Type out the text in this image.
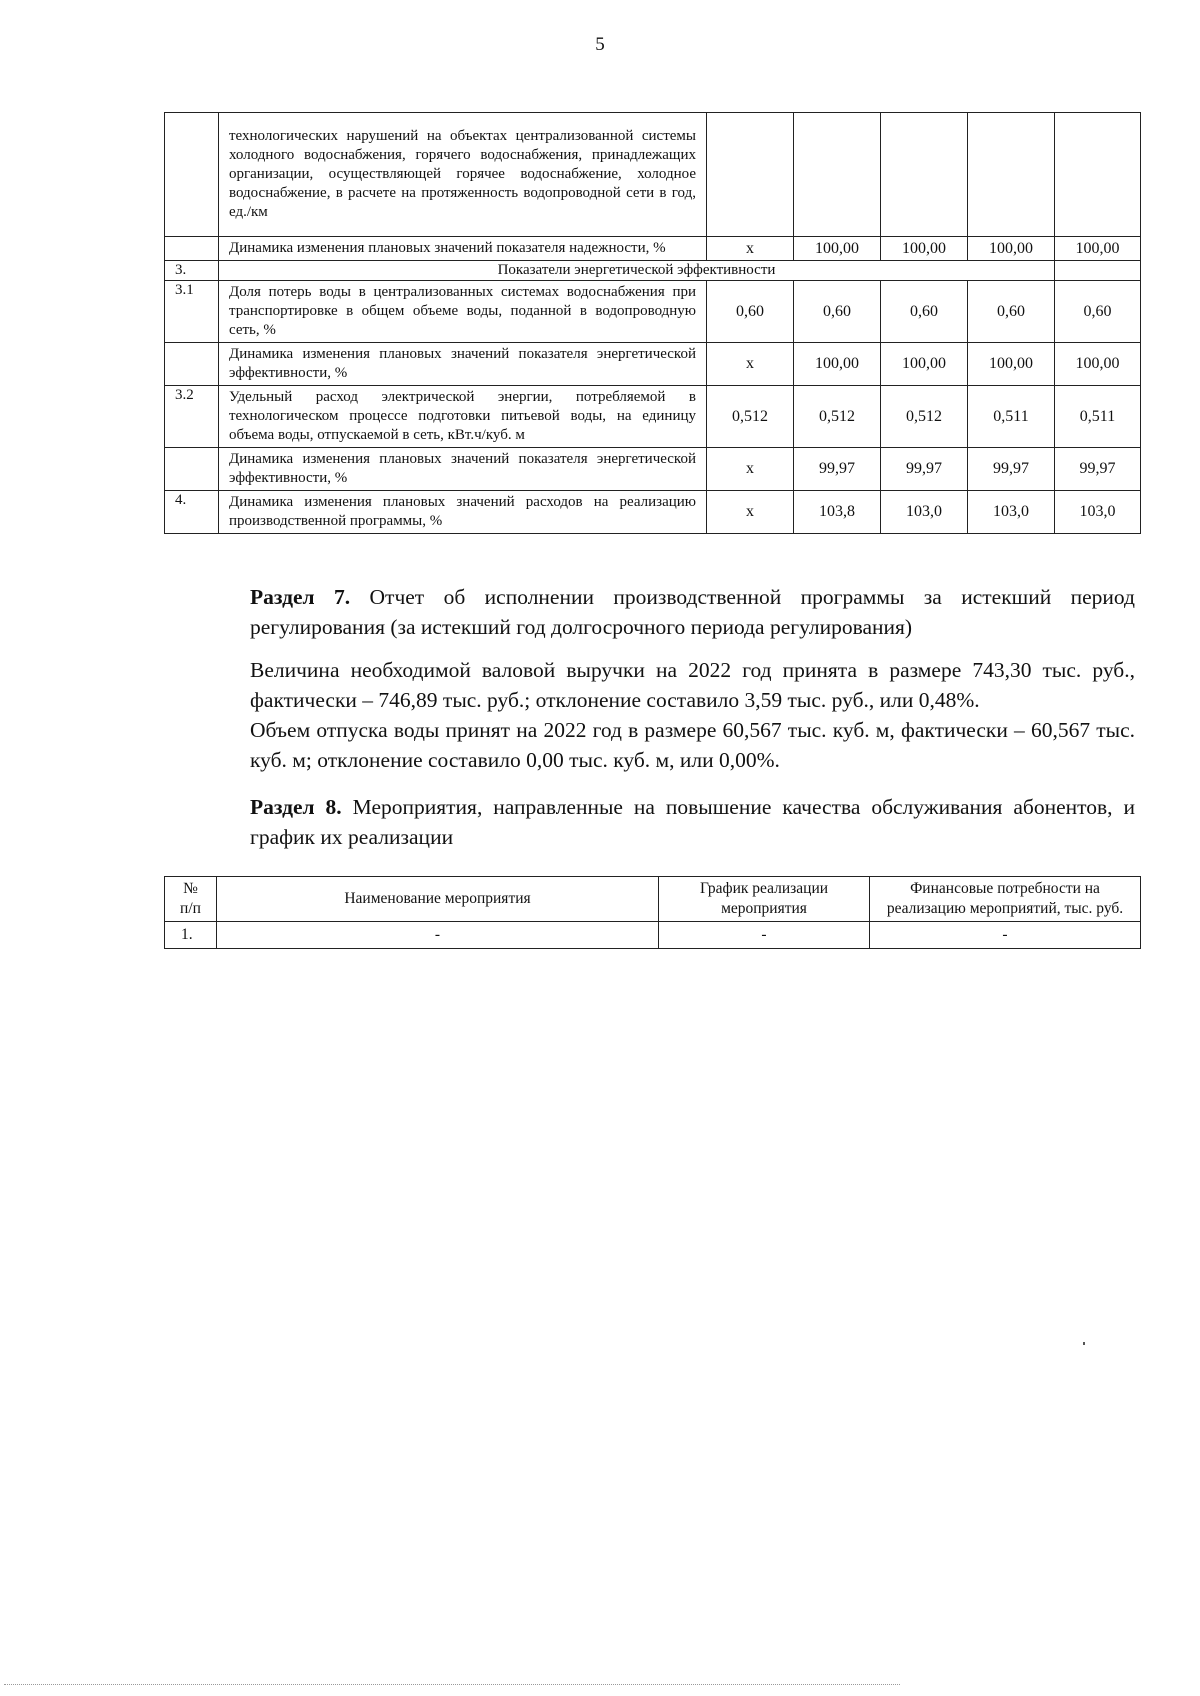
5
	технологических нарушений на объектах централизованной системы холодного водоснабжения, горячего водоснабжения, принадлежащих организации, осуществляющей горячее водоснабжение, холодное водоснабжение, в расчете на протяженность водопроводной сети в год, ед./км					
	Динамика изменения плановых значений показателя надежности, %	х	100,00	100,00	100,00	100,00
3.	Показатели энергетической эффективности					
3.1	Доля потерь воды в централизованных системах водоснабжения при транспортировке в общем объеме воды, поданной в водопроводную сеть, %	0,60	0,60	0,60	0,60	0,60
	Динамика изменения плановых значений показателя энергетической эффективности, %	х	100,00	100,00	100,00	100,00
3.2	Удельный расход электрической энергии, потребляемой в технологическом процессе подготовки питьевой воды, на единицу объема воды, отпускаемой в сеть, кВт.ч/куб. м	0,512	0,512	0,512	0,511	0,511
	Динамика изменения плановых значений показателя энергетической эффективности, %	х	99,97	99,97	99,97	99,97
4.	Динамика изменения плановых значений расходов на реализацию производственной программы, %	х	103,8	103,0	103,0	103,0
Раздел 7. Отчет об исполнении производственной программы за истекший период регулирования (за истекший год долгосрочного периода регулирования)
Величина необходимой валовой выручки на 2022 год принята в размере 743,30 тыс. руб., фактически – 746,89 тыс. руб.; отклонение составило 3,59 тыс. руб., или 0,48%.
Объем отпуска воды принят на 2022 год в размере 60,567 тыс. куб. м, фактически – 60,567 тыс. куб. м; отклонение составило 0,00 тыс. куб. м, или 0,00%.
Раздел 8. Мероприятия, направленные на повышение качества обслуживания абонентов, и график их реализации
№ п/п	Наименование мероприятия	График реализации мероприятия	Финансовые потребности на реализацию мероприятий, тыс. руб.
1.	-	-	-
